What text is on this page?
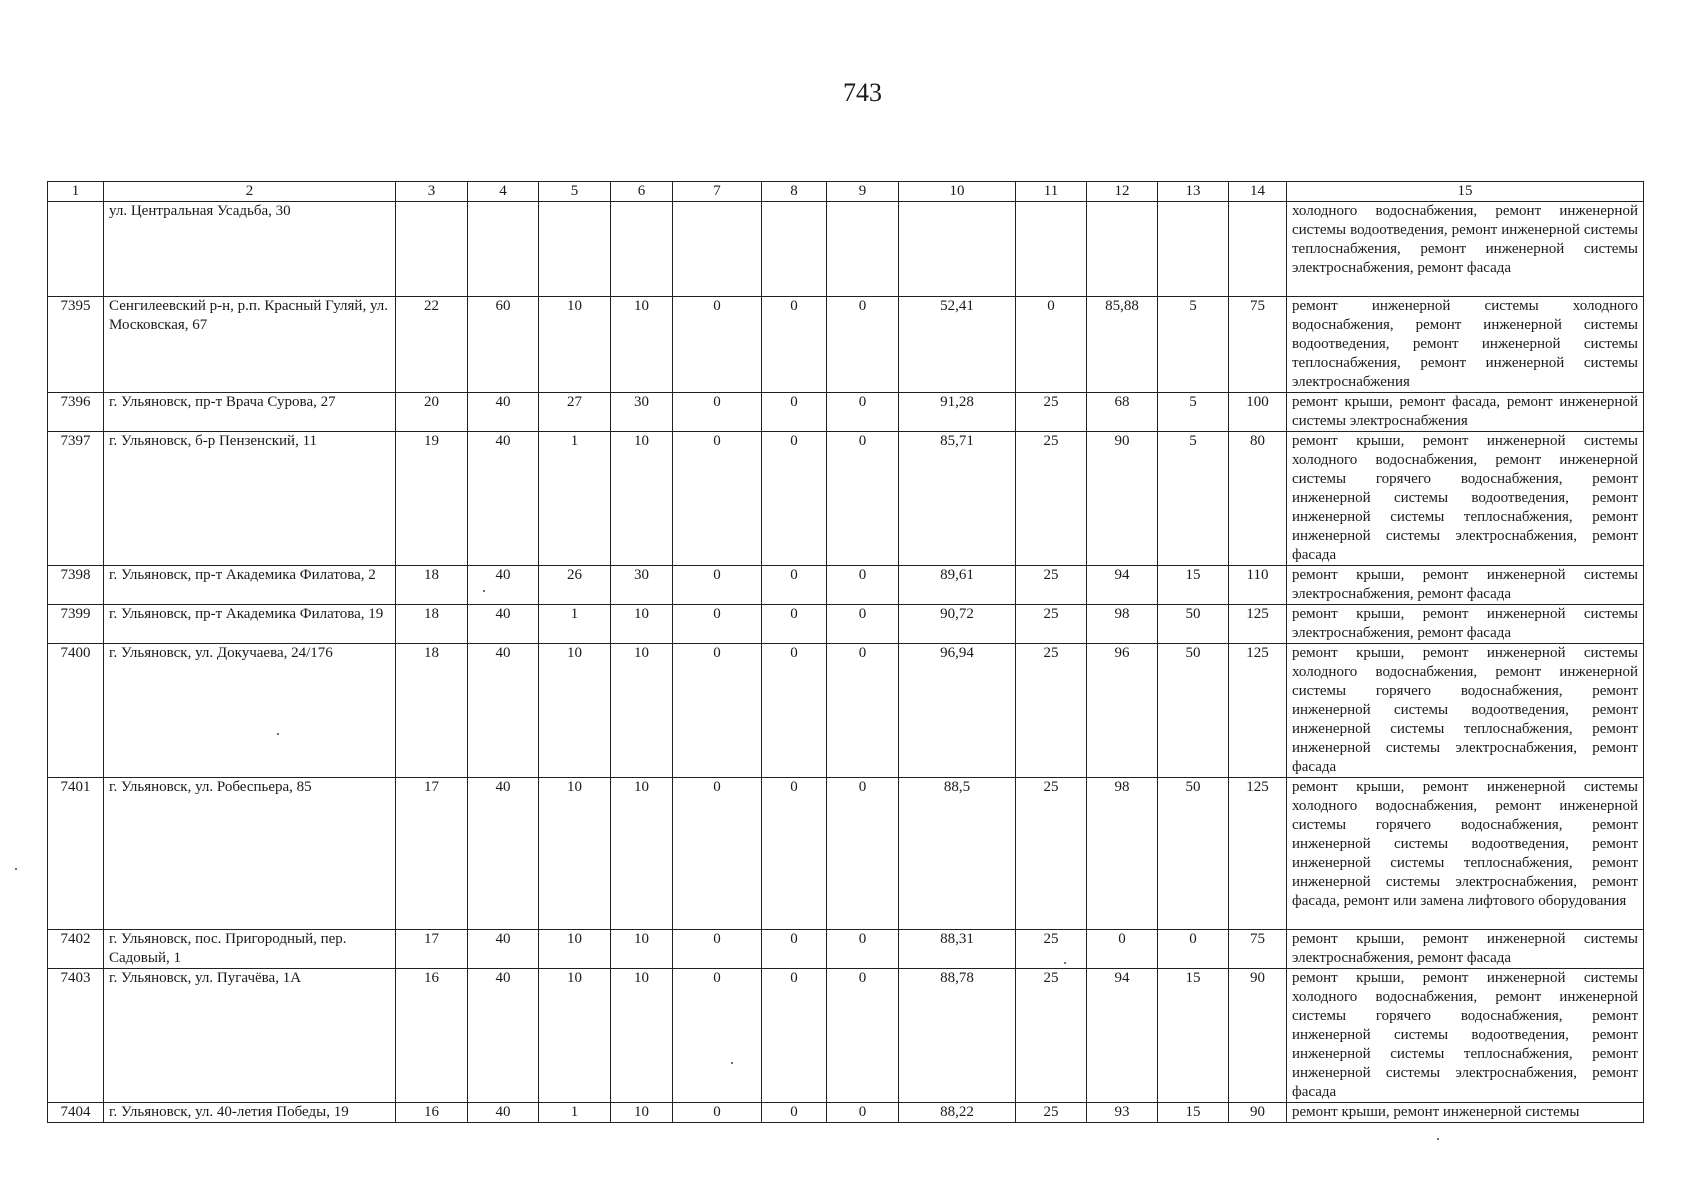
743
1	2	3	4	5	6	7	8	9	10	11	12	13	14	15
	ул. Центральная Усадьба, 30													холодного водоснабжения, ремонт инженерной системы водоотведения, ремонт инженерной системы теплоснабжения, ремонт инженерной системы электроснабжения, ремонт фасада
7395	Сенгилеевский р-н, р.п. Красный Гуляй, ул. Московская, 67	22	60	10	10	0	0	0	52,41	0	85,88	5	75	ремонт инженерной системы холодного водоснабжения, ремонт инженерной системы водоотведения, ремонт инженерной системы теплоснабжения, ремонт инженерной системы электроснабжения
7396	г. Ульяновск, пр-т Врача Сурова, 27	20	40	27	30	0	0	0	91,28	25	68	5	100	ремонт крыши, ремонт фасада, ремонт инженерной системы электроснабжения
7397	г. Ульяновск, б-р Пензенский, 11	19	40	1	10	0	0	0	85,71	25	90	5	80	ремонт крыши, ремонт инженерной системы холодного водоснабжения, ремонт инженерной системы горячего водоснабжения, ремонт инженерной системы водоотведения, ремонт инженерной системы теплоснабжения, ремонт инженерной системы электроснабжения, ремонт фасада
7398	г. Ульяновск, пр-т Академика Филатова, 2	18	40	26	30	0	0	0	89,61	25	94	15	110	ремонт крыши, ремонт инженерной системы электроснабжения, ремонт фасада
7399	г. Ульяновск, пр-т Академика Филатова, 19	18	40	1	10	0	0	0	90,72	25	98	50	125	ремонт крыши, ремонт инженерной системы электроснабжения, ремонт фасада
7400	г. Ульяновск, ул. Докучаева, 24/176	18	40	10	10	0	0	0	96,94	25	96	50	125	ремонт крыши, ремонт инженерной системы холодного водоснабжения, ремонт инженерной системы горячего водоснабжения, ремонт инженерной системы водоотведения, ремонт инженерной системы теплоснабжения, ремонт инженерной системы электроснабжения, ремонт фасада
7401	г. Ульяновск, ул. Робеспьера, 85	17	40	10	10	0	0	0	88,5	25	98	50	125	ремонт крыши, ремонт инженерной системы холодного водоснабжения, ремонт инженерной системы горячего водоснабжения, ремонт инженерной системы водоотведения, ремонт инженерной системы теплоснабжения, ремонт инженерной системы электроснабжения, ремонт фасада, ремонт или замена лифтового оборудования
7402	г. Ульяновск, пос. Пригородный, пер. Садовый, 1	17	40	10	10	0	0	0	88,31	25	0	0	75	ремонт крыши, ремонт инженерной системы электроснабжения, ремонт фасада
7403	г. Ульяновск, ул. Пугачёва, 1А	16	40	10	10	0	0	0	88,78	25	94	15	90	ремонт крыши, ремонт инженерной системы холодного водоснабжения, ремонт инженерной системы горячего водоснабжения, ремонт инженерной системы водоотведения, ремонт инженерной системы теплоснабжения, ремонт инженерной системы электроснабжения, ремонт фасада
7404	г. Ульяновск, ул. 40-летия Победы, 19	16	40	1	10	0	0	0	88,22	25	93	15	90	ремонт крыши, ремонт инженерной системы
